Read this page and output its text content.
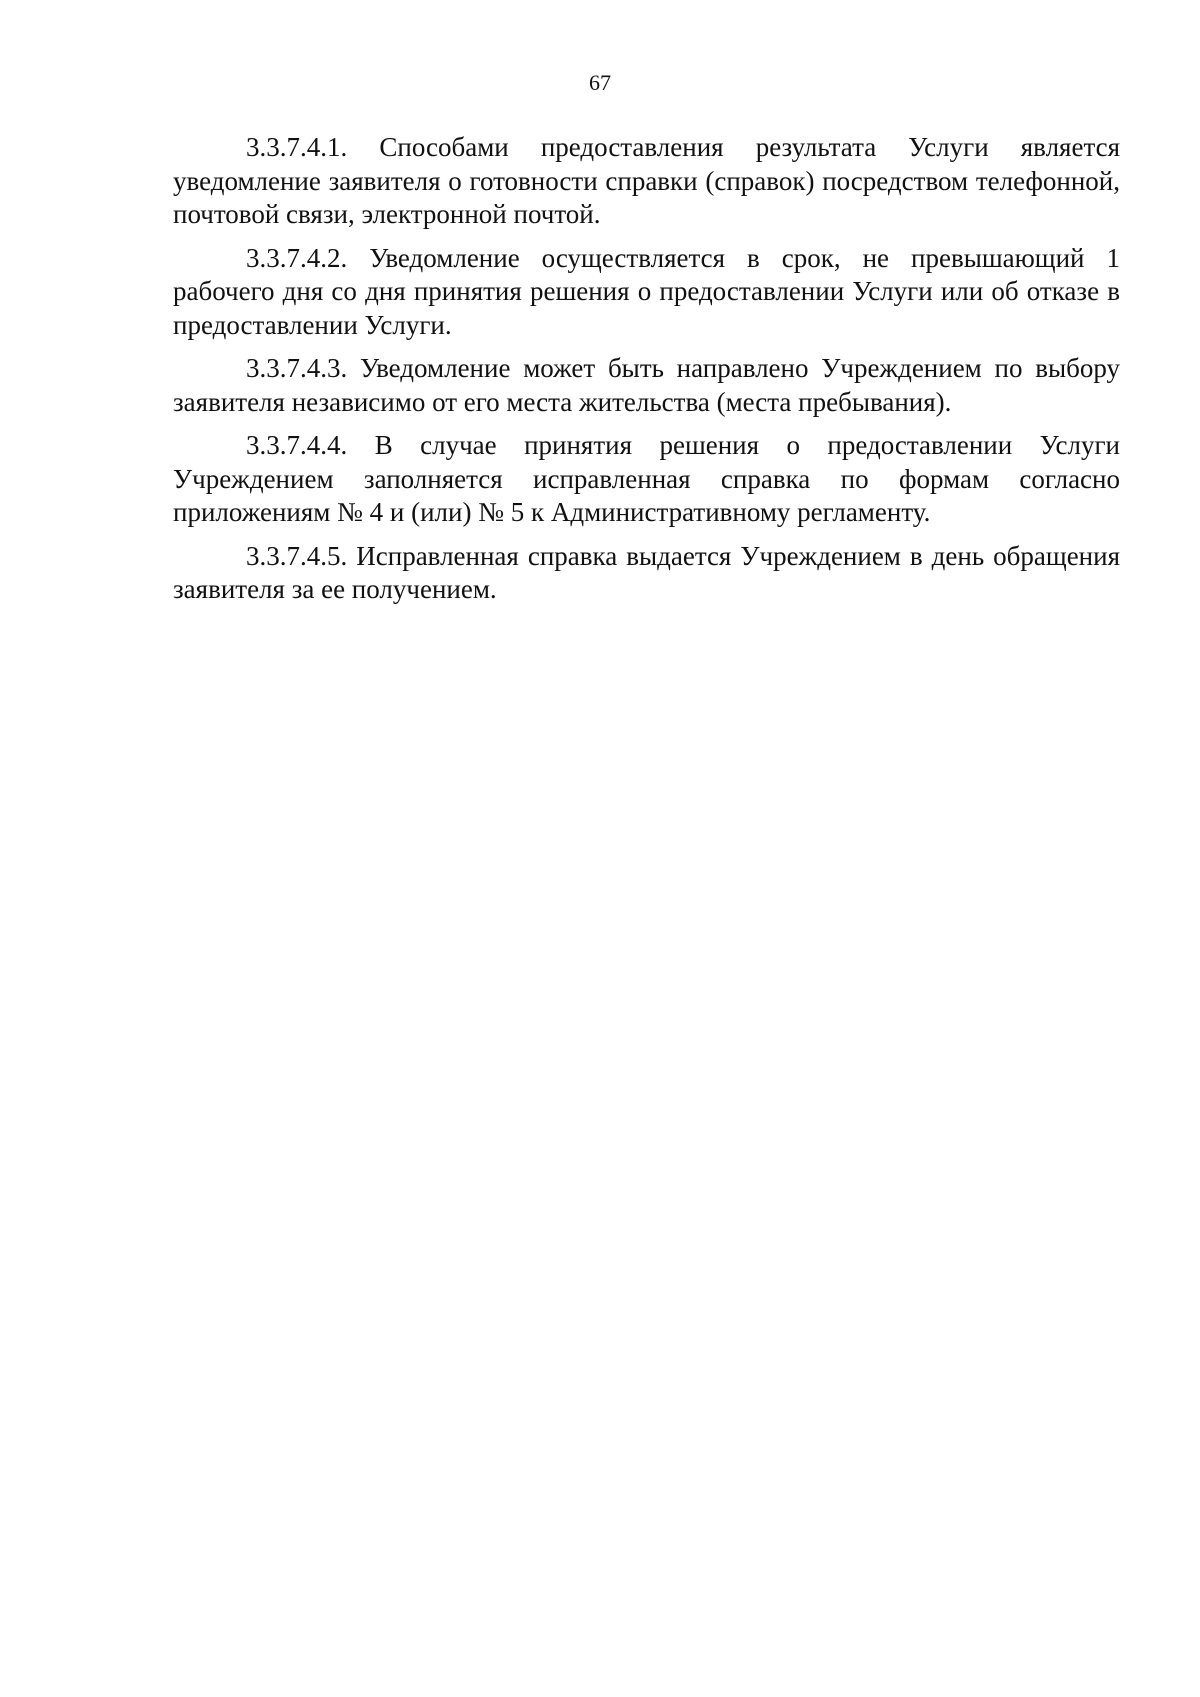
67

3.3.7.4.1. Способами предоставления результата Услуги является уведомление заявителя о готовности справки (справок) посредством телефонной, почтовой связи, электронной почтой.

3.3.7.4.2. Уведомление осуществляется в срок, не превышающий 1 рабочего дня со дня принятия решения о предоставлении Услуги или об отказе в предоставлении Услуги.

3.3.7.4.3. Уведомление может быть направлено Учреждением по выбору заявителя независимо от его места жительства (места пребывания).

3.3.7.4.4. В случае принятия решения о предоставлении Услуги Учреждением заполняется исправленная справка по формам согласно приложениям № 4 и (или) № 5 к Административному регламенту.

3.3.7.4.5. Исправленная справка выдается Учреждением в день обращения заявителя за ее получением.
